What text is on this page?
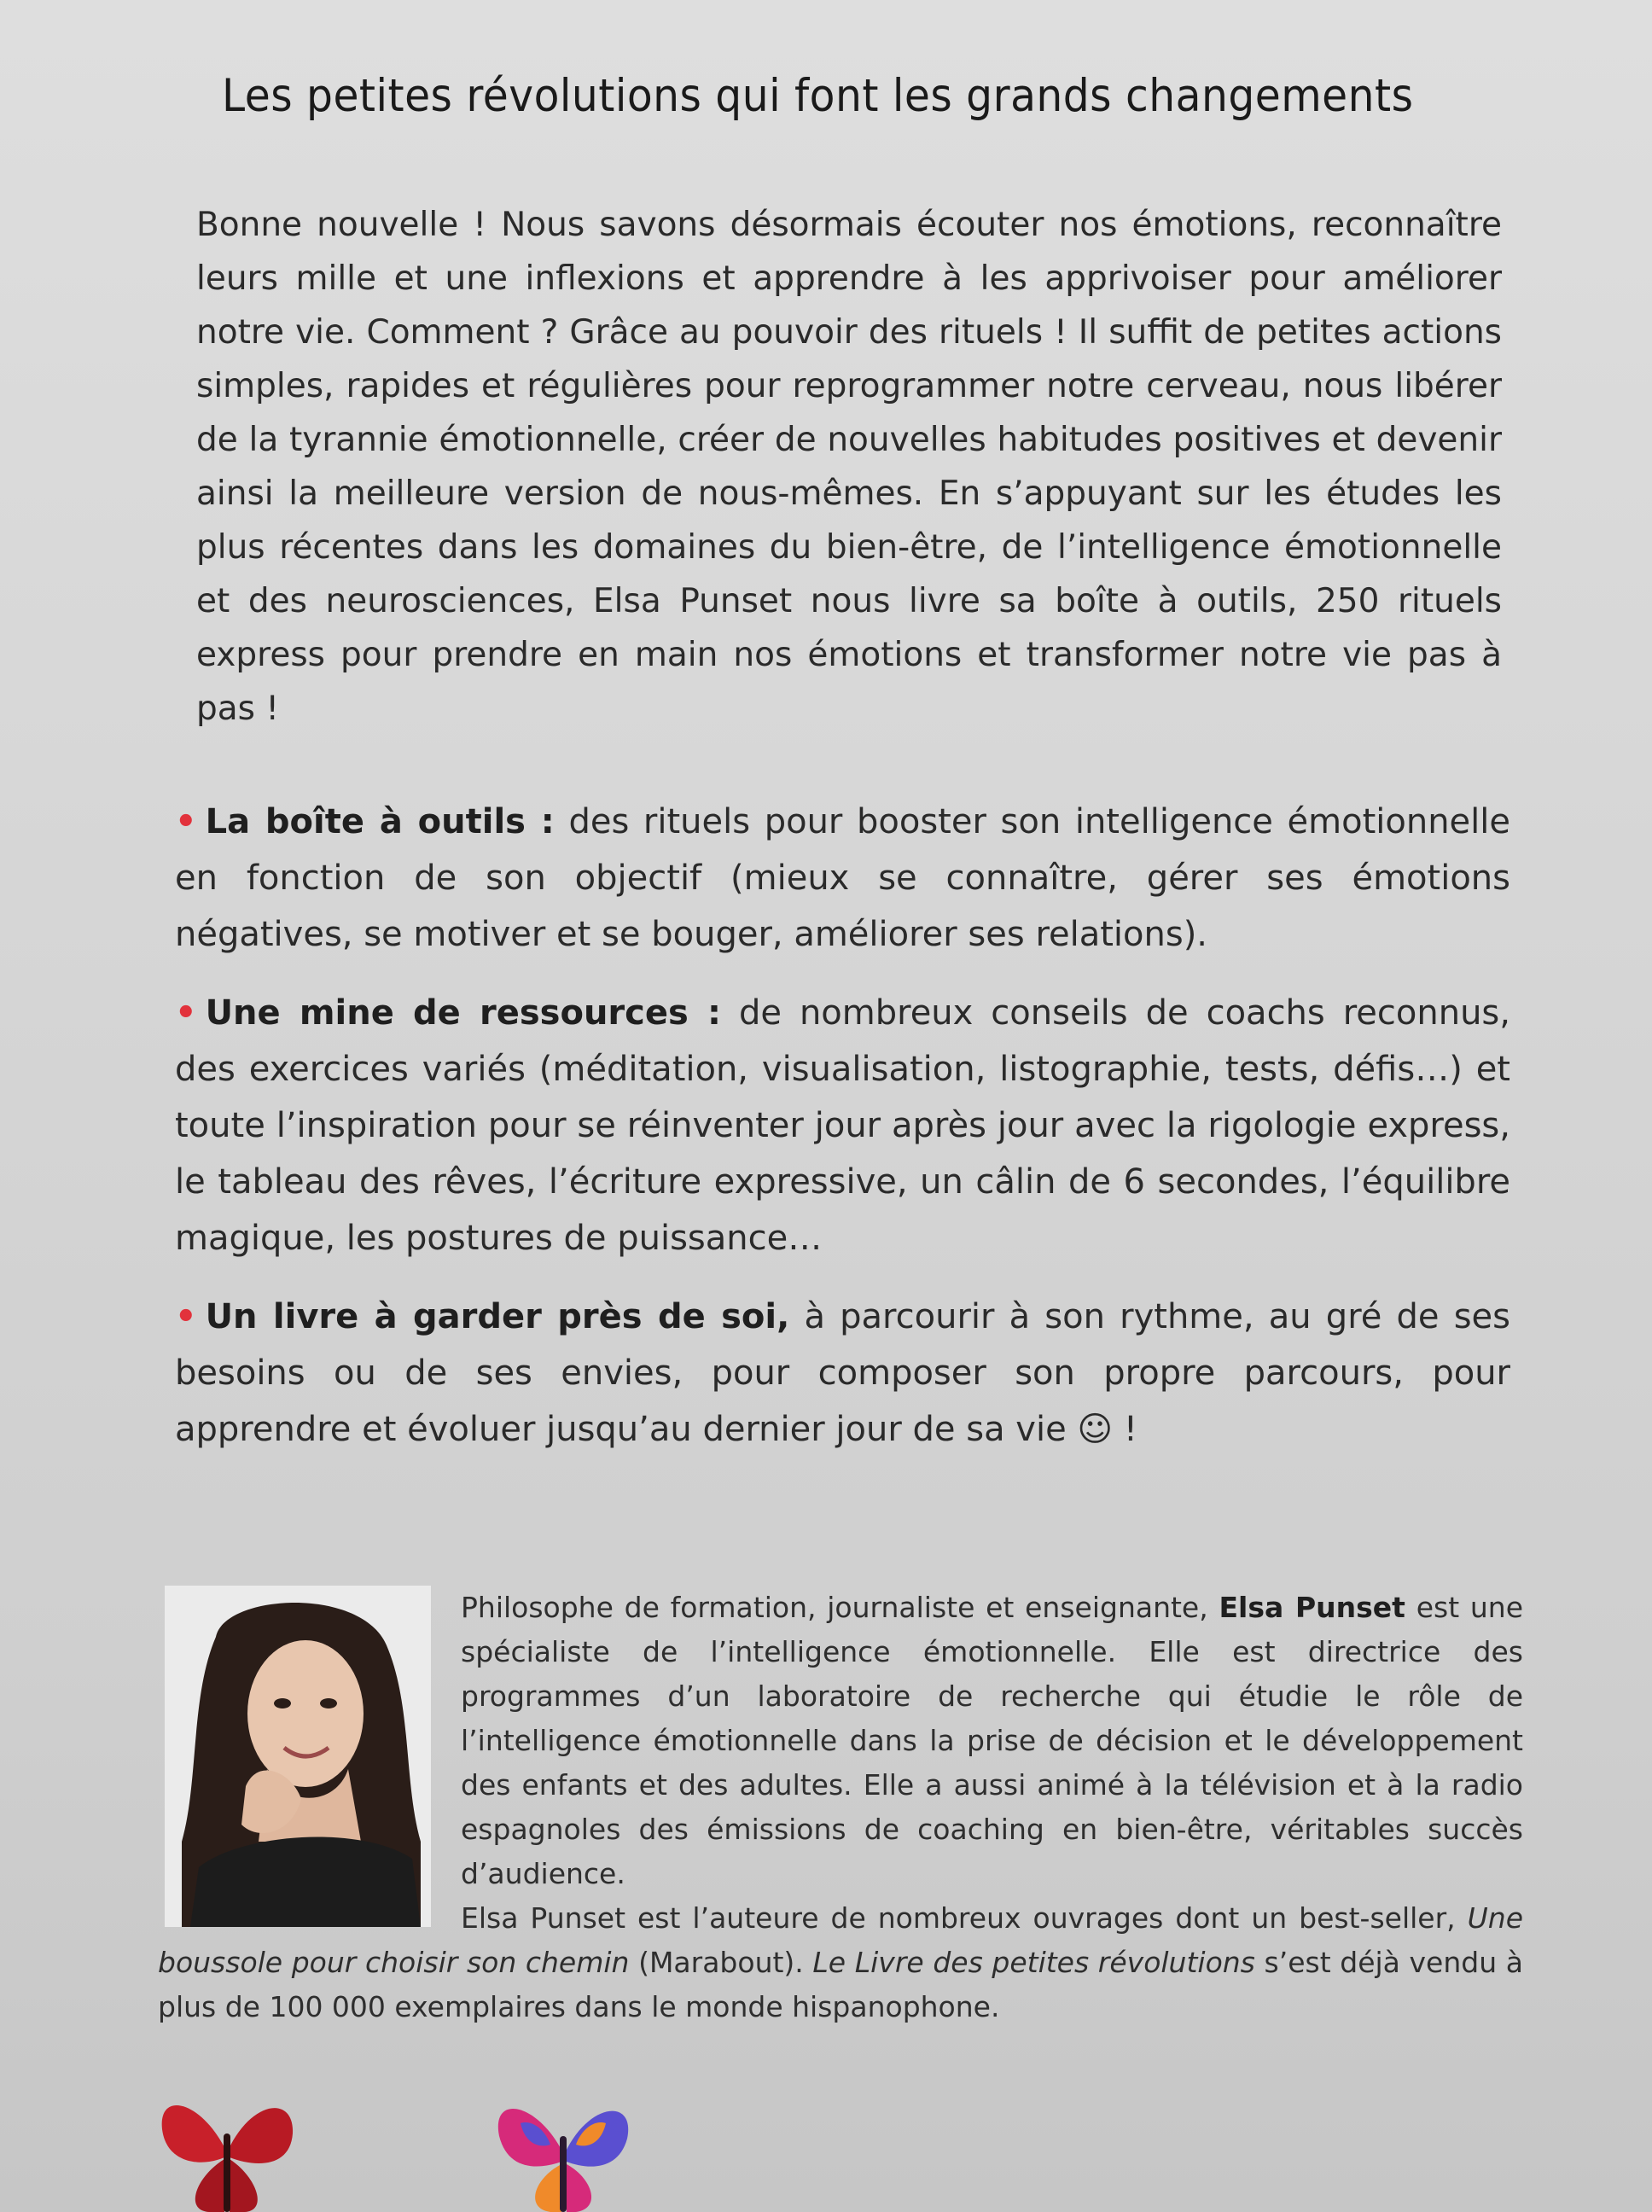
Les petites révolutions qui font les grands changements
Bonne nouvelle ! Nous savons désormais écouter nos émotions, reconnaître leurs mille et une inflexions et apprendre à les apprivoiser pour améliorer notre vie. Comment ? Grâce au pouvoir des rituels ! Il suffit de petites actions simples, rapides et régulières pour reprogrammer notre cerveau, nous libérer de la tyrannie émotionnelle, créer de nouvelles habitudes positives et devenir ainsi la meilleure version de nous-mêmes. En s’appuyant sur les études les plus récentes dans les domaines du bien-être, de l’intelligence émotionnelle et des neurosciences, Elsa Punset nous livre sa boîte à outils, 250 rituels express pour prendre en main nos émotions et transformer notre vie pas à pas !

• La boîte à outils : des rituels pour booster son intelligence émotionnelle en fonction de son objectif (mieux se connaître, gérer ses émotions négatives, se motiver et se bouger, améliorer ses relations).

• Une mine de ressources : de nombreux conseils de coachs reconnus, des exercices variés (méditation, visualisation, listographie, tests, défis…) et toute l’inspiration pour se réinventer jour après jour avec la rigologie express, le tableau des rêves, l’écriture expressive, un câlin de 6 secondes, l’équilibre magique, les postures de puissance…

• Un livre à garder près de soi, à parcourir à son rythme, au gré de ses besoins ou de ses envies, pour composer son propre parcours, pour apprendre et évoluer jusqu’au dernier jour de sa vie ☺ !

Philosophe de formation, journaliste et enseignante, Elsa Punset est une spécialiste de l’intelligence émotionnelle. Elle est directrice des programmes d’un laboratoire de recherche qui étudie le rôle de l’intelligence émotionnelle dans la prise de décision et le développement des enfants et des adultes. Elle a aussi animé à la télévision et à la radio espagnoles des émissions de coaching en bien-être, véritables succès d’audience.
Elsa Punset est l’auteure de nombreux ouvrages dont un best-seller, Une boussole pour choisir son chemin (Marabout). Le Livre des petites révolutions s’est déjà vendu à plus de 100 000 exemplaires dans le monde hispanophone.
